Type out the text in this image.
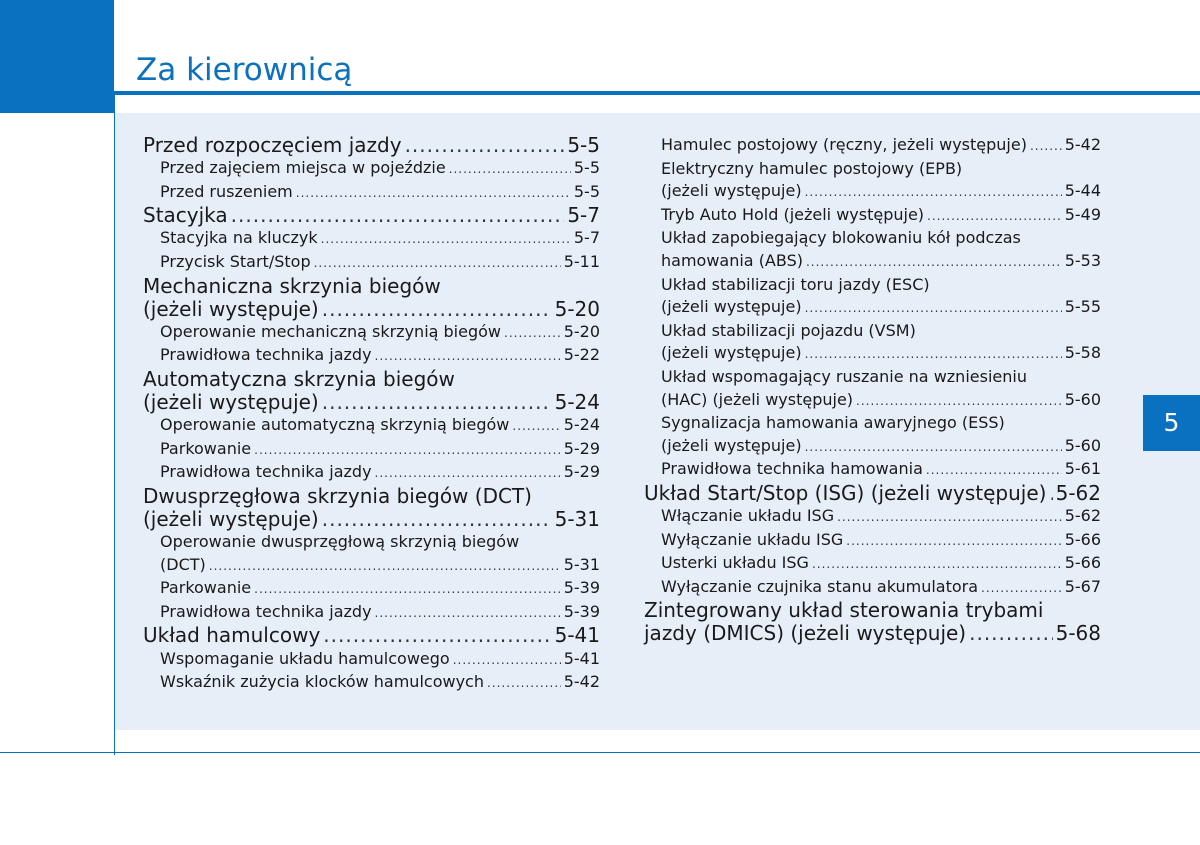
Za kierownicą
5
Przed rozpoczęciem jazdy .....	5-5
Przed zajęciem miejsca w pojeździe .....	5-5
Przed ruszeniem .....	5-5
Stacyjka .....	5-7
Stacyjka na kluczyk .....	5-7
Przycisk Start/Stop .....	5-11
Mechaniczna skrzynia biegów
(jeżeli występuje) .....	5-20
Operowanie mechaniczną skrzynią biegów .....	5-20
Prawidłowa technika jazdy .....	5-22
Automatyczna skrzynia biegów
(jeżeli występuje) .....	5-24
Operowanie automatyczną skrzynią biegów .....	5-24
Parkowanie .....	5-29
Prawidłowa technika jazdy .....	5-29
Dwusprzęgłowa skrzynia biegów (DCT)
(jeżeli występuje) .....	5-31
Operowanie dwusprzęgłową skrzynią biegów
(DCT) .....	5-31
Parkowanie .....	5-39
Prawidłowa technika jazdy .....	5-39
Układ hamulcowy .....	5-41
Wspomaganie układu hamulcowego .....	5-41
Wskaźnik zużycia klocków hamulcowych .....	5-42
Hamulec postojowy (ręczny, jeżeli występuje) ..... 5-42
Elektryczny hamulec postojowy (EPB)
(jeżeli występuje) .....	5-44
Tryb Auto Hold (jeżeli występuje) .....	5-49
Układ zapobiegający blokowaniu kół podczas
hamowania (ABS) .....	5-53
Układ stabilizacji toru jazdy (ESC)
(jeżeli występuje) .....	5-55
Układ stabilizacji pojazdu (VSM)
(jeżeli występuje) .....	5-58
Układ wspomagający ruszanie na wzniesieniu
(HAC) (jeżeli występuje) .....	5-60
Sygnalizacja hamowania awaryjnego (ESS)
(jeżeli występuje) .....	5-60
Prawidłowa technika hamowania .....	5-61
Układ Start/Stop (ISG) (jeżeli występuje) ..... 5-62
Włączanie układu ISG .....	5-62
Wyłączanie układu ISG .....	5-66
Usterki układu ISG .....	5-66
Wyłączanie czujnika stanu akumulatora .....	5-67
Zintegrowany układ sterowania trybami
jazdy (DMICS) (jeżeli występuje) .....	5-68
